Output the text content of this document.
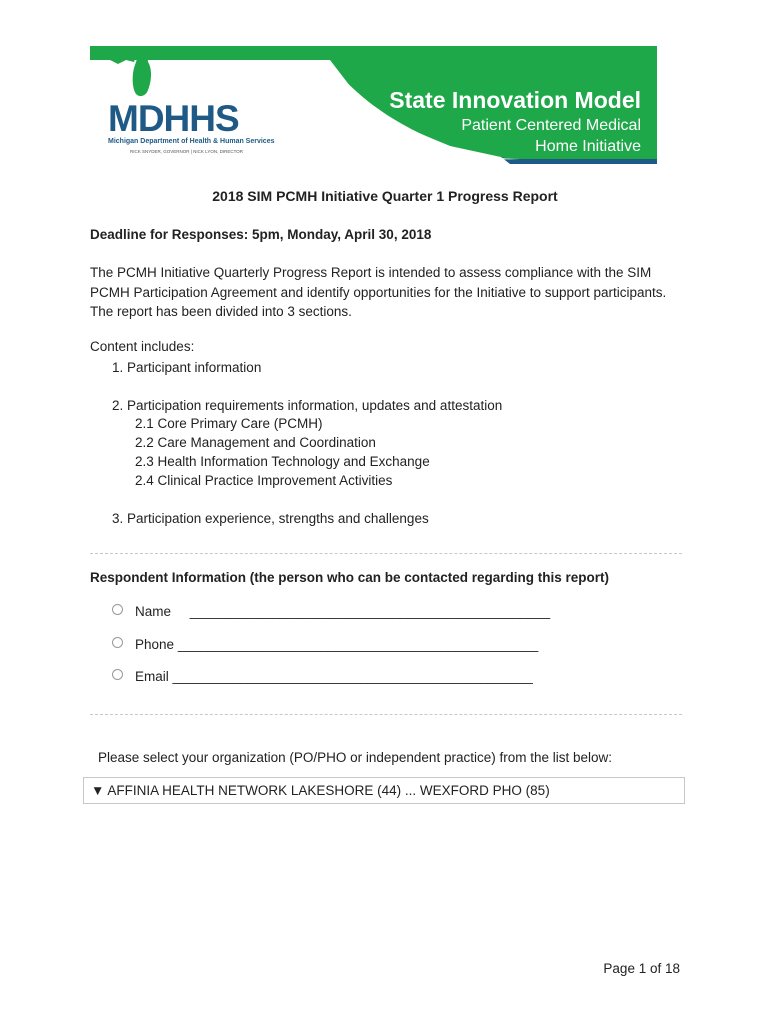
MDHHS
Michigan Department of Health & Human Services
RICK SNYDER, GOVERNOR | NICK LYON, DIRECTOR
State Innovation Model
Patient Centered Medical
Home Initiative
2018 SIM PCMH Initiative Quarter 1 Progress Report
Deadline for Responses: 5pm, Monday, April 30, 2018
The PCMH Initiative Quarterly Progress Report is intended to assess compliance with the SIM PCMH Participation Agreement and identify opportunities for the Initiative to support participants. The report has been divided into 3 sections.
Content includes:
1. Participant information
2. Participation requirements information, updates and attestation
2.1 Core Primary Care (PCMH)
2.2 Care Management and Coordination
2.3 Health Information Technology and Exchange
2.4 Clinical Practice Improvement Activities
3. Participation experience, strengths and challenges
Respondent Information (the person who can be contacted regarding this report)
Name ________________________________________________
Phone ________________________________________________
Email ________________________________________________
Please select your organization (PO/PHO or independent practice) from the list below:
▼ AFFINIA HEALTH NETWORK LAKESHORE (44) ... WEXFORD PHO (85)
Page 1 of 18
